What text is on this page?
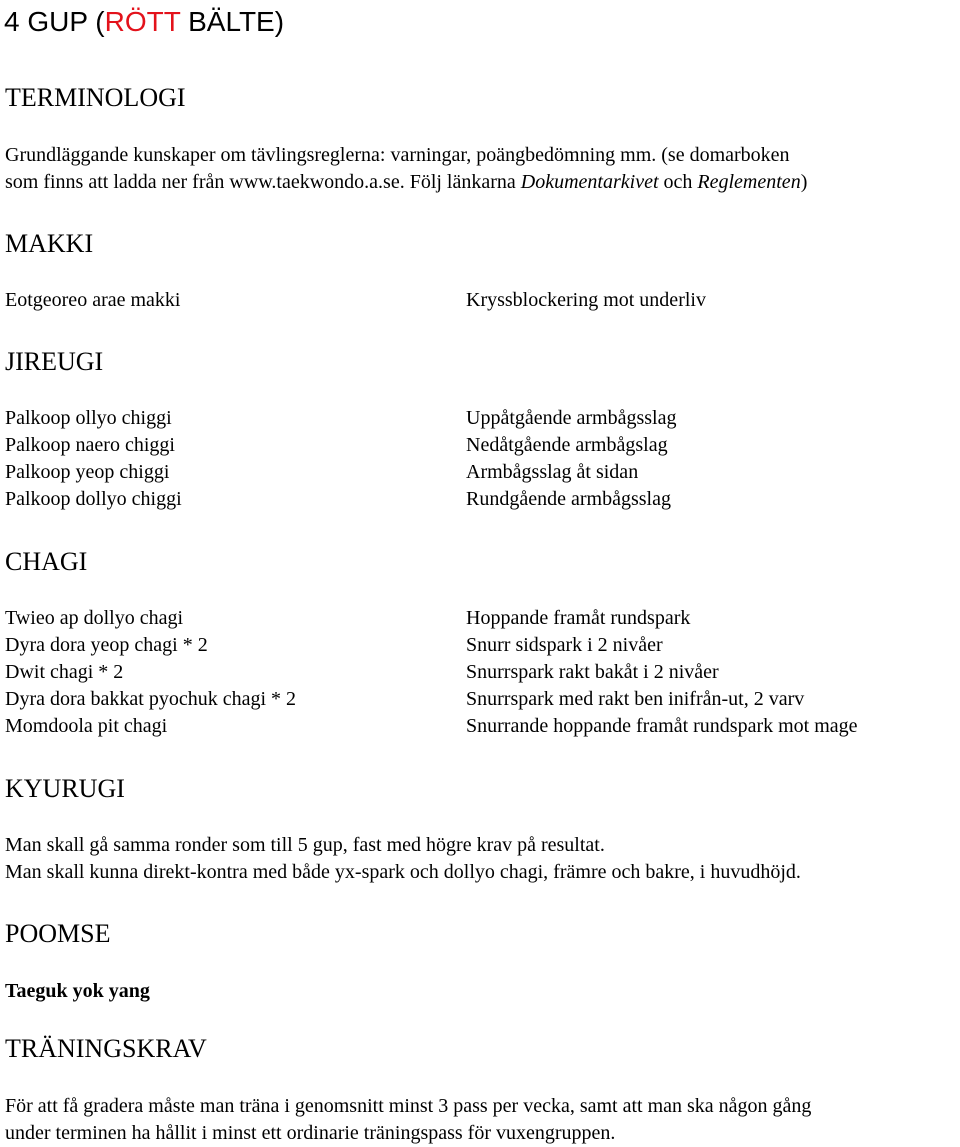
4 GUP (RÖTT BÄLTE)
TERMINOLOGI
Grundläggande kunskaper om tävlingsreglerna: varningar, poängbedömning mm. (se domarboken
som finns att ladda ner från www.taekwondo.a.se. Följ länkarna Dokumentarkivet och Reglementen)
MAKKI
Eotgeoreo arae makki	Kryssblockering mot underliv
JIREUGI
Palkoop ollyo chiggi
Palkoop naero chiggi
Palkoop yeop chiggi
Palkoop dollyo chiggi
Uppåtgående armbågsslag
Nedåtgående armbågslag
Armbågsslag åt sidan
Rundgående armbågsslag
CHAGI
Twieo ap dollyo chagi
Dyra dora yeop chagi * 2
Dwit chagi * 2
Dyra dora bakkat pyochuk chagi * 2
Momdoola pit chagi
Hoppande framåt rundspark
Snurr sidspark i 2 nivåer
Snurrspark rakt bakåt i 2 nivåer
Snurrspark med rakt ben inifrån-ut, 2 varv
Snurrande hoppande framåt rundspark mot mage
KYURUGI
Man skall gå samma ronder som till 5 gup, fast med högre krav på resultat.
Man skall kunna direkt-kontra med både yx-spark och dollyo chagi, främre och bakre, i huvudhöjd.
POOMSE
Taeguk yok yang
TRÄNINGSKRAV
För att få gradera måste man träna i genomsnitt minst 3 pass per vecka, samt att man ska någon gång
under terminen ha hållit i minst ett ordinarie träningspass för vuxengruppen.
